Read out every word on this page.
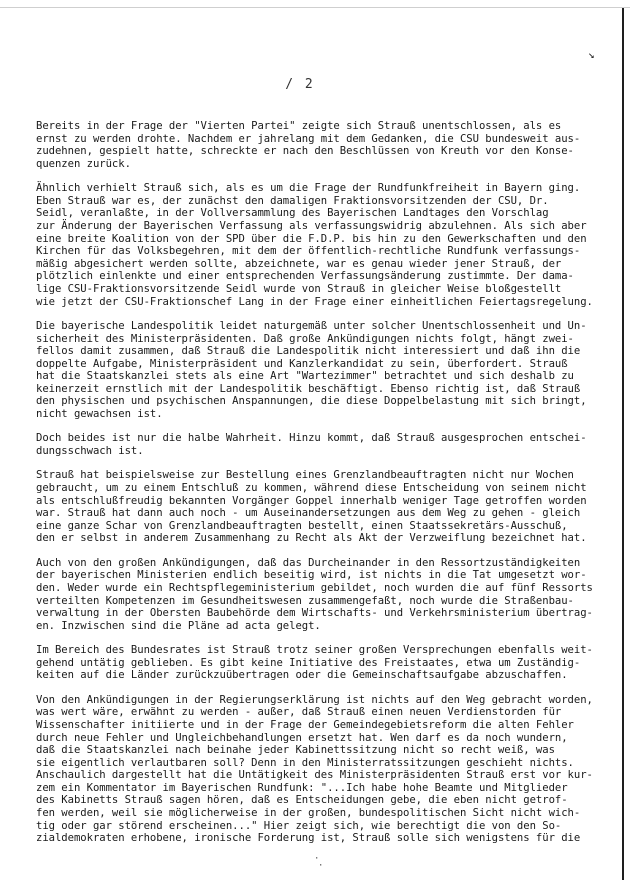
↘
/ 2
Bereits in der Frage der "Vierten Partei" zeigte sich Strauß unentschlossen, als es
ernst zu werden drohte. Nachdem er jahrelang mit dem Gedanken, die CSU bundesweit aus-
zudehnen, gespielt hatte, schreckte er nach den Beschlüssen von Kreuth vor den Konse-
quenzen zurück.
Ähnlich verhielt Strauß sich, als es um die Frage der Rundfunkfreiheit in Bayern ging.
Eben Strauß war es, der zunächst den damaligen Fraktionsvorsitzenden der CSU, Dr.
Seidl, veranlaßte, in der Vollversammlung des Bayerischen Landtages den Vorschlag
zur Änderung der Bayerischen Verfassung als verfassungswidrig abzulehnen. Als sich aber
eine breite Koalition von der SPD über die F.D.P. bis hin zu den Gewerkschaften und den
Kirchen für das Volksbegehren, mit dem der öffentlich-rechtliche Rundfunk verfassungs-
mäßig abgesichert werden sollte, abzeichnete, war es genau wieder jener Strauß, der
plötzlich einlenkte und einer entsprechenden Verfassungsänderung zustimmte. Der dama-
lige CSU-Fraktionsvorsitzende Seidl wurde von Strauß in gleicher Weise bloßgestellt
wie jetzt der CSU-Fraktionschef Lang in der Frage einer einheitlichen Feiertagsregelung.
Die bayerische Landespolitik leidet naturgemäß unter solcher Unentschlossenheit und Un-
sicherheit des Ministerpräsidenten. Daß große Ankündigungen nichts folgt, hängt zwei-
fellos damit zusammen, daß Strauß die Landespolitik nicht interessiert und daß ihn die
doppelte Aufgabe, Ministerpräsident und Kanzlerkandidat zu sein, überfordert. Strauß
hat die Staatskanzlei stets als eine Art "Wartezimmer" betrachtet und sich deshalb zu
keinerzeit ernstlich mit der Landespolitik beschäftigt. Ebenso richtig ist, daß Strauß
den physischen und psychischen Anspannungen, die diese Doppelbelastung mit sich bringt,
nicht gewachsen ist.
Doch beides ist nur die halbe Wahrheit. Hinzu kommt, daß Strauß ausgesprochen entschei-
dungsschwach ist.
Strauß hat beispielsweise zur Bestellung eines Grenzlandbeauftragten nicht nur Wochen
gebraucht, um zu einem Entschluß zu kommen, während diese Entscheidung von seinem nicht
als entschlußfreudig bekannten Vorgänger Goppel innerhalb weniger Tage getroffen worden
war. Strauß hat dann auch noch - um Auseinandersetzungen aus dem Weg zu gehen - gleich
eine ganze Schar von Grenzlandbeauftragten bestellt, einen Staatssekretärs-Ausschuß,
den er selbst in anderem Zusammenhang zu Recht als Akt der Verzweiflung bezeichnet hat.
Auch von den großen Ankündigungen, daß das Durcheinander in den Ressortzuständigkeiten
der bayerischen Ministerien endlich beseitig wird, ist nichts in die Tat umgesetzt wor-
den. Weder wurde ein Rechtspflegeministerium gebildet, noch wurden die auf fünf Ressorts
verteilten Kompetenzen im Gesundheitswesen zusammengefaßt, noch wurde die Straßenbau-
verwaltung in der Obersten Baubehörde dem Wirtschafts- und Verkehrsministerium übertrag-
en. Inzwischen sind die Pläne ad acta gelegt.
Im Bereich des Bundesrates ist Strauß trotz seiner großen Versprechungen ebenfalls weit-
gehend untätig geblieben. Es gibt keine Initiative des Freistaates, etwa um Zuständig-
keiten auf die Länder zurückzuübertragen oder die Gemeinschaftsaufgabe abzuschaffen.
Von den Ankündigungen in der Regierungserklärung ist nichts auf den Weg gebracht worden,
was wert wäre, erwähnt zu werden - außer, daß Strauß einen neuen Verdienstorden für
Wissenschafter initiierte und in der Frage der Gemeindegebietsreform die alten Fehler
durch neue Fehler und Ungleichbehandlungen ersetzt hat. Wen darf es da noch wundern,
daß die Staatskanzlei nach beinahe jeder Kabinettssitzung nicht so recht weiß, was
sie eigentlich verlautbaren soll? Denn in den Ministerratssitzungen geschieht nichts.
Anschaulich dargestellt hat die Untätigkeit des Ministerpräsidenten Strauß erst vor kur-
zem ein Kommentator im Bayerischen Rundfunk: "...Ich habe hohe Beamte und Mitglieder
des Kabinetts Strauß sagen hören, daß es Entscheidungen gebe, die eben nicht getrof-
fen werden, weil sie möglicherweise in der großen, bundespolitischen Sicht nicht wich-
tig oder gar störend erscheinen..." Hier zeigt sich, wie berechtigt die von den So-
zialdemokraten erhobene, ironische Forderung ist, Strauß solle sich wenigstens für die
·
·
